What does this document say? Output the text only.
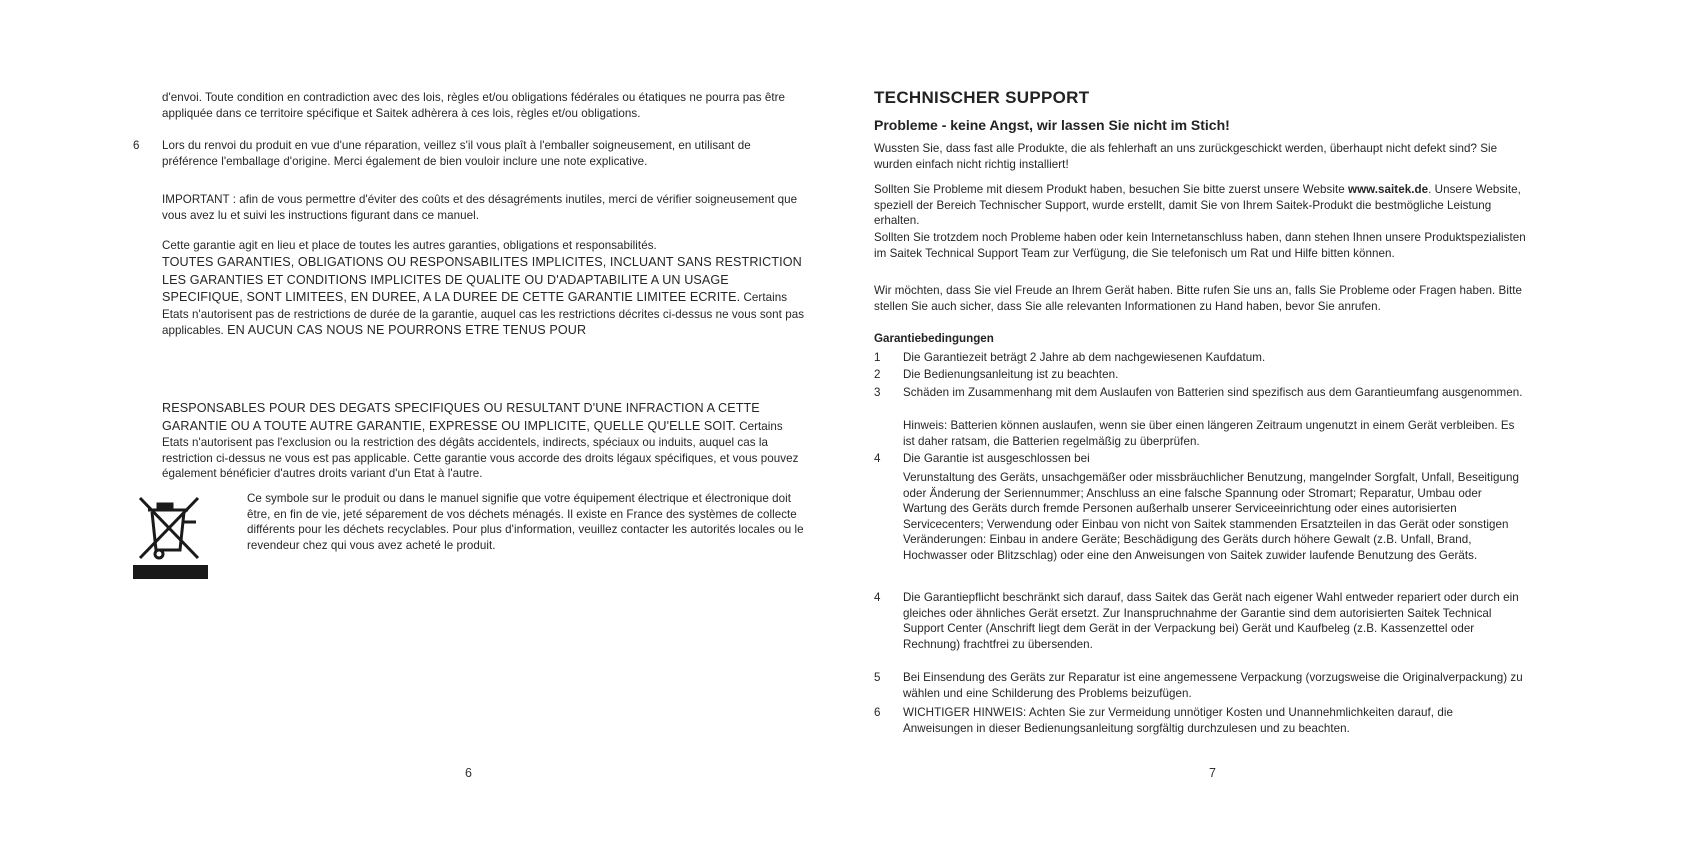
d'envoi. Toute condition en contradiction avec des lois, règles et/ou obligations fédérales ou étatiques ne pourra pas être appliquée dans ce territoire spécifique et Saitek adhèrera à ces lois, règles et/ou obligations.

6 Lors du renvoi du produit en vue d'une réparation, veillez s'il vous plaît à l'emballer soigneusement, en utilisant de préférence l'emballage d'origine. Merci également de bien vouloir inclure une note explicative.

IMPORTANT : afin de vous permettre d'éviter des coûts et des désagréments inutiles, merci de vérifier soigneusement que vous avez lu et suivi les instructions figurant dans ce manuel.

Cette garantie agit en lieu et place de toutes les autres garanties, obligations et responsabilités.

TOUTES GARANTIES, OBLIGATIONS OU RESPONSABILITES IMPLICITES, INCLUANT SANS RESTRICTION LES GARANTIES ET CONDITIONS IMPLICITES DE QUALITE OU D'ADAPTABILITE A UN USAGE SPECIFIQUE, SONT LIMITEES, EN DUREE, A LA DUREE DE CETTE GARANTIE LIMITEE ECRITE. Certains Etats n'autorisent pas de restrictions de durée de la garantie, auquel cas les restrictions décrites ci-dessus ne vous sont pas applicables. EN AUCUN CAS NOUS NE POURRONS ETRE TENUS POUR

RESPONSABLES POUR DES DEGATS SPECIFIQUES OU RESULTANT D'UNE INFRACTION A CETTE GARANTIE OU A TOUTE AUTRE GARANTIE, EXPRESSE OU IMPLICITE, QUELLE QU'ELLE SOIT. Certains Etats n'autorisent pas l'exclusion ou la restriction des dégâts accidentels, indirects, spéciaux ou induits, auquel cas la restriction ci-dessus ne vous est pas applicable. Cette garantie vous accorde des droits légaux spécifiques, et vous pouvez également bénéficier d'autres droits variant d'un Etat à l'autre.

Ce symbole sur le produit ou dans le manuel signifie que votre équipement électrique et électronique doit être, en fin de vie, jeté séparement de vos déchets ménagés. Il existe en France des systèmes de collecte différents pour les déchets recyclables. Pour plus d'information, veuillez contacter les autorités locales ou le revendeur chez qui vous avez acheté le produit.

6
TECHNISCHER SUPPORT
Probleme - keine Angst, wir lassen Sie nicht im Stich!

Wussten Sie, dass fast alle Produkte, die als fehlerhaft an uns zurückgeschickt werden, überhaupt nicht defekt sind? Sie wurden einfach nicht richtig installiert!

Sollten Sie Probleme mit diesem Produkt haben, besuchen Sie bitte zuerst unsere Website www.saitek.de. Unsere Website, speziell der Bereich Technischer Support, wurde erstellt, damit Sie von Ihrem Saitek-Produkt die bestmögliche Leistung erhalten.

Sollten Sie trotzdem noch Probleme haben oder kein Internetanschluss haben, dann stehen Ihnen unsere Produktspezialisten im Saitek Technical Support Team zur Verfügung, die Sie telefonisch um Rat und Hilfe bitten können.

Wir möchten, dass Sie viel Freude an Ihrem Gerät haben. Bitte rufen Sie uns an, falls Sie Probleme oder Fragen haben. Bitte stellen Sie auch sicher, dass Sie alle relevanten Informationen zu Hand haben, bevor Sie anrufen.

Garantiebedingungen
1 Die Garantiezeit beträgt 2 Jahre ab dem nachgewiesenen Kaufdatum.

2 Die Bedienungsanleitung ist zu beachten.

3 Schäden im Zusammenhang mit dem Auslaufen von Batterien sind spezifisch aus dem Garantieumfang ausgenommen.

Hinweis: Batterien können auslaufen, wenn sie über einen längeren Zeitraum ungenutzt in einem Gerät verbleiben. Es ist daher ratsam, die Batterien regelmäßig zu überprüfen.

4 Die Garantie ist ausgeschlossen bei

Verunstaltung des Geräts, unsachgemäßer oder missbräuchlicher Benutzung, mangelnder Sorgfalt, Unfall, Beseitigung oder Änderung der Seriennummer; Anschluss an eine falsche Spannung oder Stromart; Reparatur, Umbau oder Wartung des Geräts durch fremde Personen außerhalb unserer Serviceeinrichtung oder eines autorisierten Servicecenters; Verwendung oder Einbau von nicht von Saitek stammenden Ersatzteilen in das Gerät oder sonstigen Veränderungen: Einbau in andere Geräte; Beschädigung des Geräts durch höhere Gewalt (z.B. Unfall, Brand, Hochwasser oder Blitzschlag) oder eine den Anweisungen von Saitek zuwider laufende Benutzung des Geräts.

4 Die Garantiepflicht beschränkt sich darauf, dass Saitek das Gerät nach eigener Wahl entweder repariert oder durch ein gleiches oder ähnliches Gerät ersetzt. Zur Inanspruchnahme der Garantie sind dem autorisierten Saitek Technical Support Center (Anschrift liegt dem Gerät in der Verpackung bei) Gerät und Kaufbeleg (z.B. Kassenzettel oder Rechnung) frachtfrei zu übersenden.

5 Bei Einsendung des Geräts zur Reparatur ist eine angemessene Verpackung (vorzugsweise die Originalverpackung) zu wählen und eine Schilderung des Problems beizufügen.

6 WICHTIGER HINWEIS: Achten Sie zur Vermeidung unnötiger Kosten und Unannehmlichkeiten darauf, die Anweisungen in dieser Bedienungsanleitung sorgfältig durchzulesen und zu beachten.

7
